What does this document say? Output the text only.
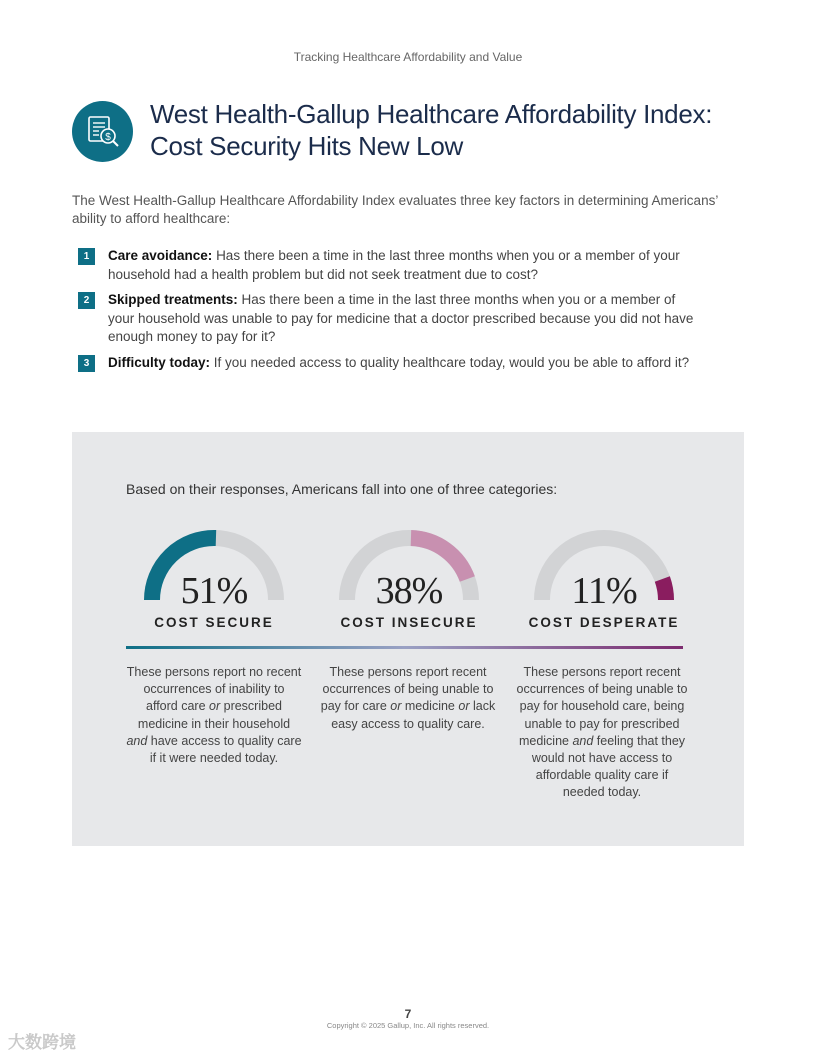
Tracking Healthcare Affordability and Value
$
West Health-Gallup Healthcare Affordability Index:
Cost Security Hits New Low
The West Health-Gallup Healthcare Affordability Index evaluates three key factors in determining Americans’ ability to afford healthcare:
1	Care avoidance: Has there been a time in the last three months when you or a member of your household had a health problem but did not seek treatment due to cost?
2	Skipped treatments: Has there been a time in the last three months when you or a member of your household was unable to pay for medicine that a doctor prescribed because you did not have enough money to pay for it?
3	Difficulty today: If you needed access to quality healthcare today, would you be able to afford it?
Based on their responses, Americans fall into one of three categories:
51%
COST SECURE
38%
COST INSECURE
11%
COST DESPERATE
These persons report no recent occurrences of inability to afford care or prescribed medicine in their household and have access to quality care if it were needed today.
These persons report recent occurrences of being unable to pay for care or medicine or lack easy access to quality care.
These persons report recent occurrences of being unable to pay for household care, being unable to pay for prescribed medicine and feeling that they would not have access to affordable quality care if needed today.
7
Copyright © 2025 Gallup, Inc. All rights reserved.
大数跨境
